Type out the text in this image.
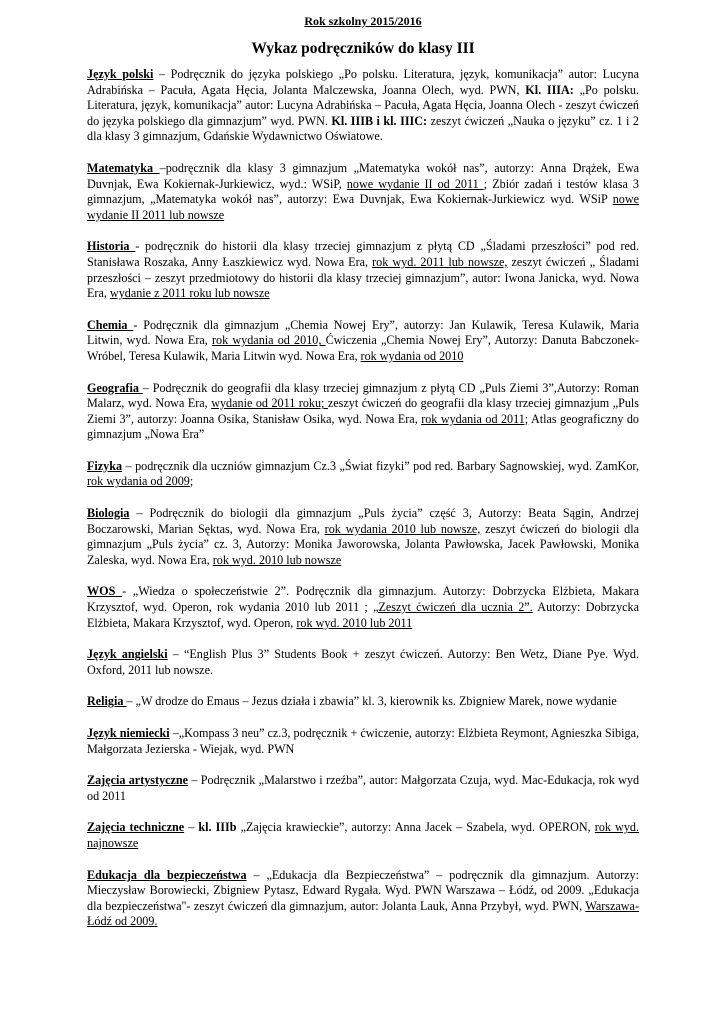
Rok szkolny 2015/2016

Wykaz podręczników do klasy III

Język polski – Podręcznik do języka polskiego „Po polsku. Literatura, język, komunikacja” autor: Lucyna Adrabińska – Pacuła, Agata Hęcia, Jolanta Malczewska, Joanna Olech, wyd. PWN, Kl. IIIA: „Po polsku. Literatura, język, komunikacja” autor: Lucyna Adrabińska – Pacuła, Agata Hęcia, Joanna Olech - zeszyt ćwiczeń do języka polskiego dla gimnazjum” wyd. PWN. Kl. IIIB i kl. IIIC: zeszyt ćwiczeń „Nauka o języku” cz. 1 i 2 dla klasy 3 gimnazjum, Gdańskie Wydawnictwo Oświatowe.

Matematyka –podręcznik dla klasy 3 gimnazjum „Matematyka wokół nas”, autorzy: Anna Drążek, Ewa Duvnjak, Ewa Kokiernak-Jurkiewicz, wyd.: WSiP, nowe wydanie II od 2011 ; Zbiór zadań i testów klasa 3 gimnazjum, „Matematyka wokół nas”, autorzy: Ewa Duvnjak, Ewa Kokiernak-Jurkiewicz wyd. WSiP nowe wydanie II 2011 lub nowsze

Historia - podręcznik do historii dla klasy trzeciej gimnazjum z płytą CD „Śladami przeszłości” pod red. Stanisława Roszaka, Anny Łaszkiewicz wyd. Nowa Era, rok wyd. 2011 lub nowsze, zeszyt ćwiczeń „ Śladami przeszłości – zeszyt przedmiotowy do historii dla klasy trzeciej gimnazjum”, autor: Iwona Janicka, wyd. Nowa Era, wydanie z 2011 roku lub nowsze

Chemia - Podręcznik dla gimnazjum „Chemia Nowej Ery”, autorzy: Jan Kulawik, Teresa Kulawik, Maria Litwin, wyd. Nowa Era, rok wydania od 2010, Ćwiczenia „Chemia Nowej Ery”, Autorzy: Danuta Babczonek-Wróbel, Teresa Kulawik, Maria Litwin wyd. Nowa Era, rok wydania od 2010

Geografia – Podręcznik do geografii dla klasy trzeciej gimnazjum z płytą CD „Puls Ziemi 3”,Autorzy: Roman Malarz, wyd. Nowa Era, wydanie od 2011 roku; zeszyt ćwiczeń do geografii dla klasy trzeciej gimnazjum „Puls Ziemi 3”, autorzy: Joanna Osika, Stanisław Osika, wyd. Nowa Era, rok wydania od 2011; Atlas geograficzny do gimnazjum „Nowa Era”

Fizyka – podręcznik dla uczniów gimnazjum Cz.3 „Świat fizyki” pod red. Barbary Sagnowskiej, wyd. ZamKor, rok wydania od 2009;

Biologia – Podręcznik do biologii dla gimnazjum „Puls życia” część 3, Autorzy: Beata Sągin, Andrzej Boczarowski, Marian Sęktas, wyd. Nowa Era, rok wydania 2010 lub nowsze, zeszyt ćwiczeń do biologii dla gimnazjum „Puls życia” cz. 3, Autorzy: Monika Jaworowska, Jolanta Pawłowska, Jacek Pawłowski, Monika Zaleska, wyd. Nowa Era, rok wyd. 2010 lub nowsze

WOS - „Wiedza o społeczeństwie 2”. Podręcznik dla gimnazjum. Autorzy: Dobrzycka Elżbieta, Makara Krzysztof, wyd. Operon, rok wydania 2010 lub 2011 ; „Zeszyt ćwiczeń dla ucznia 2”. Autorzy: Dobrzycka Elżbieta, Makara Krzysztof, wyd. Operon, rok wyd. 2010 lub 2011

Język angielski – “English Plus 3” Students Book + zeszyt ćwiczeń. Autorzy: Ben Wetz, Diane Pye. Wyd. Oxford, 2011 lub nowsze.

Religia – „W drodze do Emaus – Jezus działa i zbawia” kl. 3, kierownik ks. Zbigniew Marek, nowe wydanie

Język niemiecki –„Kompass 3 neu” cz.3, podręcznik + ćwiczenie, autorzy: Elżbieta Reymont, Agnieszka Sibiga, Małgorzata Jezierska - Wiejak, wyd. PWN

Zajęcia artystyczne – Podręcznik „Malarstwo i rzeźba”, autor: Małgorzata Czuja, wyd. Mac-Edukacja, rok wyd od 2011

Zajęcia techniczne – kl. IIIb „Zajęcia krawieckie”, autorzy: Anna Jacek – Szabela, wyd. OPERON, rok wyd. najnowsze

Edukacja dla bezpieczeństwa – „Edukacja dla Bezpieczeństwa” – podręcznik dla gimnazjum. Autorzy: Mieczysław Borowiecki, Zbigniew Pytasz, Edward Rygała. Wyd. PWN Warszawa – Łódź, od 2009. „Edukacja dla bezpieczeństwa"- zeszyt ćwiczeń dla gimnazjum, autor: Jolanta Lauk, Anna Przybył, wyd. PWN, Warszawa-Łódź od 2009.
